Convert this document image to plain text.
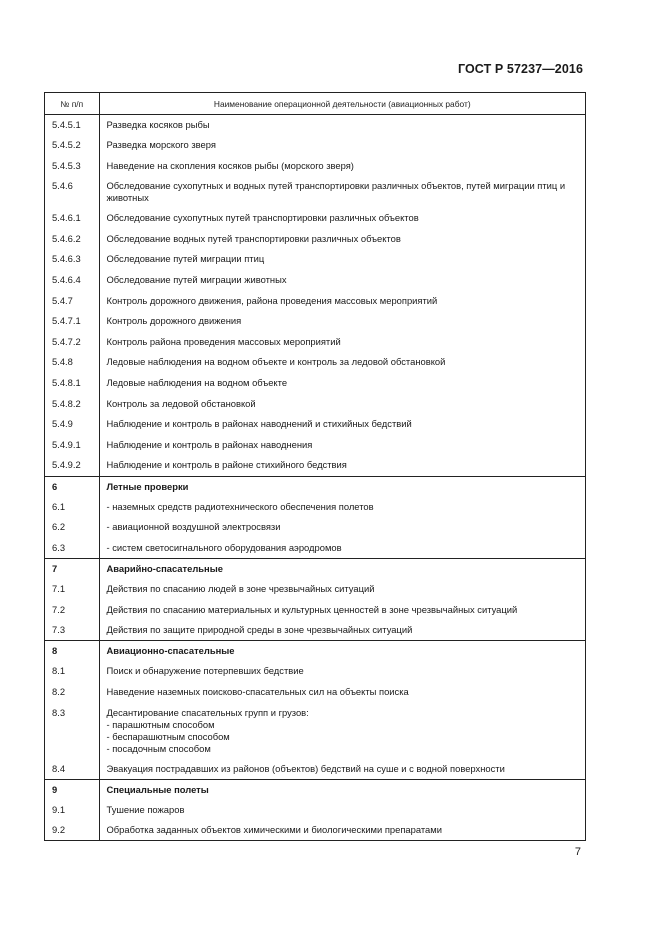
ГОСТ Р 57237—2016
№ п/п	Наименование операционной деятельности (авиационных работ)
5.4.5.1	Разведка косяков рыбы

5.4.5.2	Разведка морского зверя

5.4.5.3	Наведение на скопления косяков рыбы (морского зверя)

5.4.6	Обследование сухопутных и водных путей транспортировки различных объектов, путей миграции птиц и животных

5.4.6.1	Обследование сухопутных путей транспортировки различных объектов

5.4.6.2	Обследование водных путей транспортировки различных объектов

5.4.6.3	Обследование путей миграции птиц

5.4.6.4	Обследование путей миграции животных

5.4.7	Контроль дорожного движения, района проведения массовых мероприятий

5.4.7.1	Контроль дорожного движения

5.4.7.2	Контроль района проведения массовых мероприятий

5.4.8	Ледовые наблюдения на водном объекте и контроль за ледовой обстановкой

5.4.8.1	Ледовые наблюдения на водном объекте

5.4.8.2	Контроль за ледовой обстановкой

5.4.9	Наблюдение и контроль в районах наводнений и стихийных бедствий

5.4.9.1	Наблюдение и контроль в районах наводнения

5.4.9.2	Наблюдение и контроль в районе стихийного бедствия

6	Летные проверки

6.1	- наземных средств радиотехнического обеспечения полетов

6.2	- авиационной воздушной электросвязи

6.3	- систем светосигнального оборудования аэродромов

7	Аварийно-спасательные

7.1	Действия по спасанию людей в зоне чрезвычайных ситуаций

7.2	Действия по спасанию материальных и культурных ценностей в зоне чрезвычайных ситуаций

7.3	Действия по защите природной среды в зоне чрезвычайных ситуаций

8	Авиационно-спасательные

8.1	Поиск и обнаружение потерпевших бедствие

8.2	Наведение наземных поисково-спасательных сил на объекты поиска

8.3	Десантирование спасательных групп и грузов:
- парашютным способом
- беспарашютным способом
- посадочным способом

8.4	Эвакуация пострадавших из районов (объектов) бедствий на суше и с водной поверхности

9	Специальные полеты

9.1	Тушение пожаров

9.2	Обработка заданных объектов химическими и биологическими препаратами
7
